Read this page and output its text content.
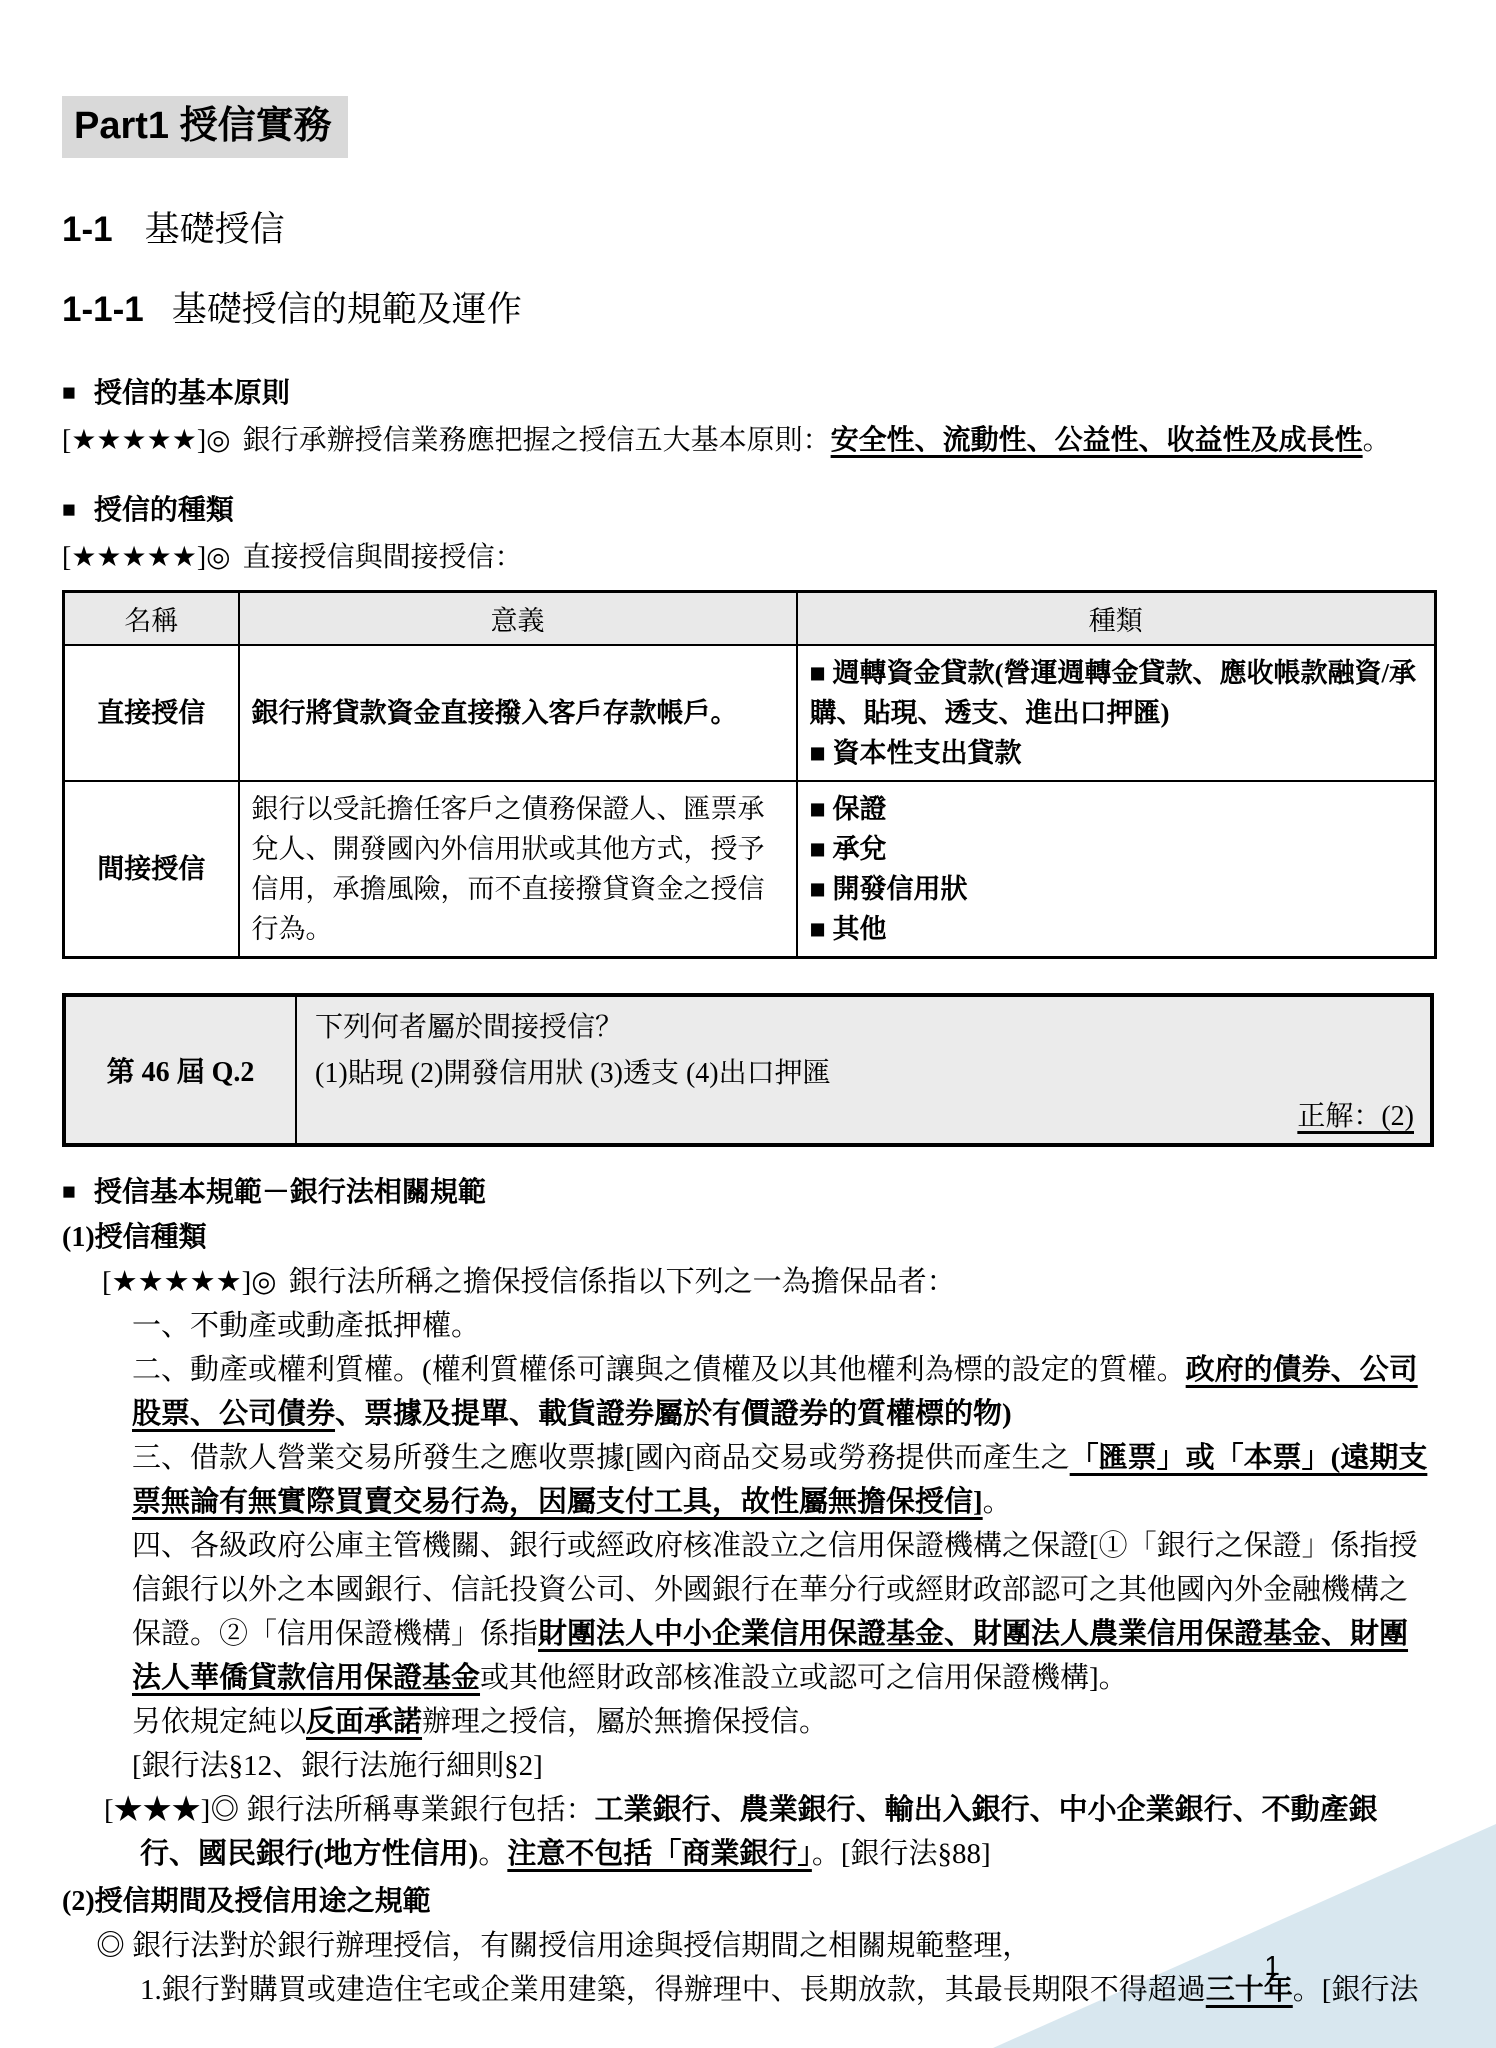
Part1 授信實務
1-1 基礎授信
1-1-1 基礎授信的規範及運作
■ 授信的基本原則
[★★★★★]◎ 銀行承辦授信業務應把握之授信五大基本原則：安全性、流動性、公益性、收益性及成長性。
■ 授信的種類
[★★★★★]◎ 直接授信與間接授信：
名稱	意義	種類
直接授信	銀行將貸款資金直接撥入客戶存款帳戶。	■ 週轉資金貸款(營運週轉金貸款、應收帳款融資/承購、貼現、透支、進出口押匯)
■ 資本性支出貸款

間接授信	銀行以受託擔任客戶之債務保證人、匯票承兌人、開發國內外信用狀或其他方式，授予信用，承擔風險，而不直接撥貸資金之授信行為。	■ 保證
■ 承兌
■ 開發信用狀
■ 其他
第 46 屆 Q.2
下列何者屬於間接授信？
(1)貼現 (2)開發信用狀 (3)透支 (4)出口押匯
正解：(2)
■ 授信基本規範－銀行法相關規範
(1)授信種類
[★★★★★]◎ 銀行法所稱之擔保授信係指以下列之一為擔保品者：
一、不動產或動產抵押權。
二、動產或權利質權。(權利質權係可讓與之債權及以其他權利為標的設定的質權。政府的債券、公司股票、公司債券、票據及提單、載貨證券屬於有價證券的質權標的物)
三、借款人營業交易所發生之應收票據[國內商品交易或勞務提供而產生之「匯票」或「本票」(遠期支票無論有無實際買賣交易行為，因屬支付工具，故性屬無擔保授信]。
四、各級政府公庫主管機關、銀行或經政府核准設立之信用保證機構之保證[①「銀行之保證」係指授信銀行以外之本國銀行、信託投資公司、外國銀行在華分行或經財政部認可之其他國內外金融機構之保證。②「信用保證機構」係指財團法人中小企業信用保證基金、財團法人農業信用保證基金、財團法人華僑貸款信用保證基金或其他經財政部核准設立或認可之信用保證機構]。
另依規定純以反面承諾辦理之授信，屬於無擔保授信。
[銀行法§12、銀行法施行細則§2]
[★★★]◎ 銀行法所稱專業銀行包括：工業銀行、農業銀行、輸出入銀行、中小企業銀行、不動產銀行、國民銀行(地方性信用)。注意不包括「商業銀行」。[銀行法§88]
(2)授信期間及授信用途之規範
◎ 銀行法對於銀行辦理授信，有關授信用途與授信期間之相關規範整理，
1.銀行對購買或建造住宅或企業用建築，得辦理中、長期放款，其最長期限不得超過三十年。[銀行法
1
